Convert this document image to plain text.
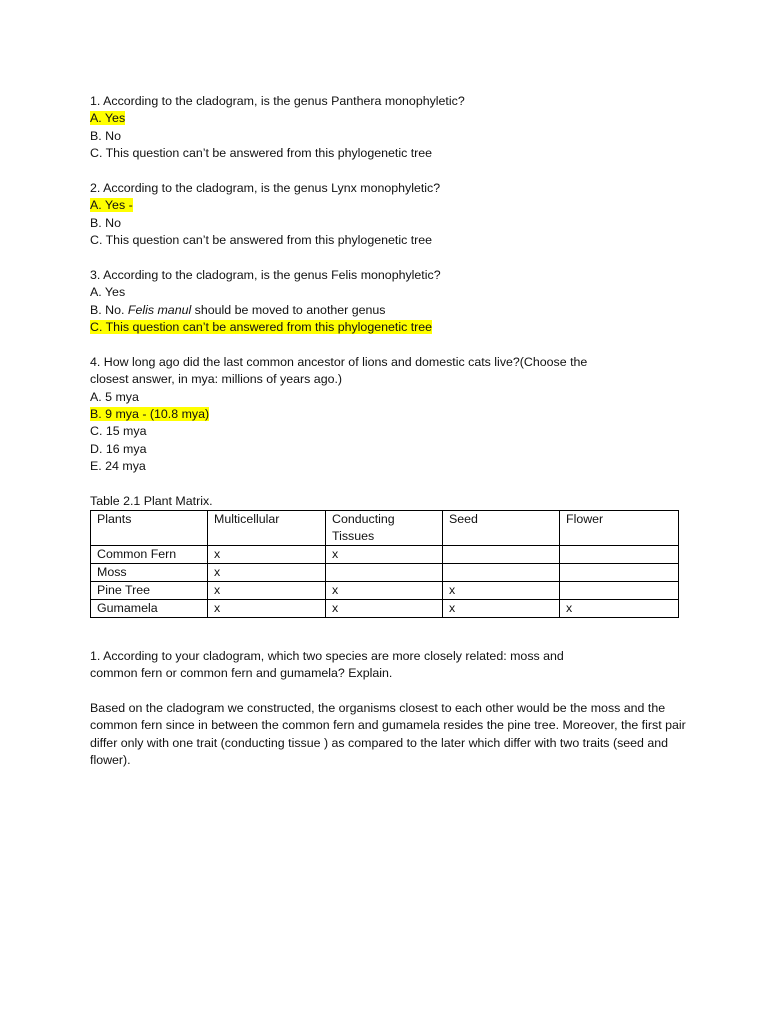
1. According to the cladogram, is the genus Panthera monophyletic?
A. Yes
B. No
C. This question can’t be answered from this phylogenetic tree
2. According to the cladogram, is the genus Lynx monophyletic?
A. Yes -
B. No
C. This question can’t be answered from this phylogenetic tree
3. According to the cladogram, is the genus Felis monophyletic?
A. Yes
B. No. Felis manul should be moved to another genus
C. This question can’t be answered from this phylogenetic tree
4. How long ago did the last common ancestor of lions and domestic cats live?(Choose the
closest answer, in mya: millions of years ago.)
A. 5 mya
B. 9 mya - (10.8 mya)
C. 15 mya
D. 16 mya
E. 24 mya
Table 2.1 Plant Matrix.
Plants	Multicellular	Conducting Tissues	Seed	Flower
Common Fern	x	x		
Moss	x			
Pine Tree	x	x	x	
Gumamela	x	x	x	x
1. According to your cladogram, which two species are more closely related: moss and
common fern or common fern and gumamela? Explain.
Based on the cladogram we constructed, the organisms closest to each other would be the moss and the common fern since in between the common fern and gumamela resides the pine tree. Moreover, the first pair differ only with one trait (conducting tissue ) as compared to the later which differ with two traits (seed and flower).
